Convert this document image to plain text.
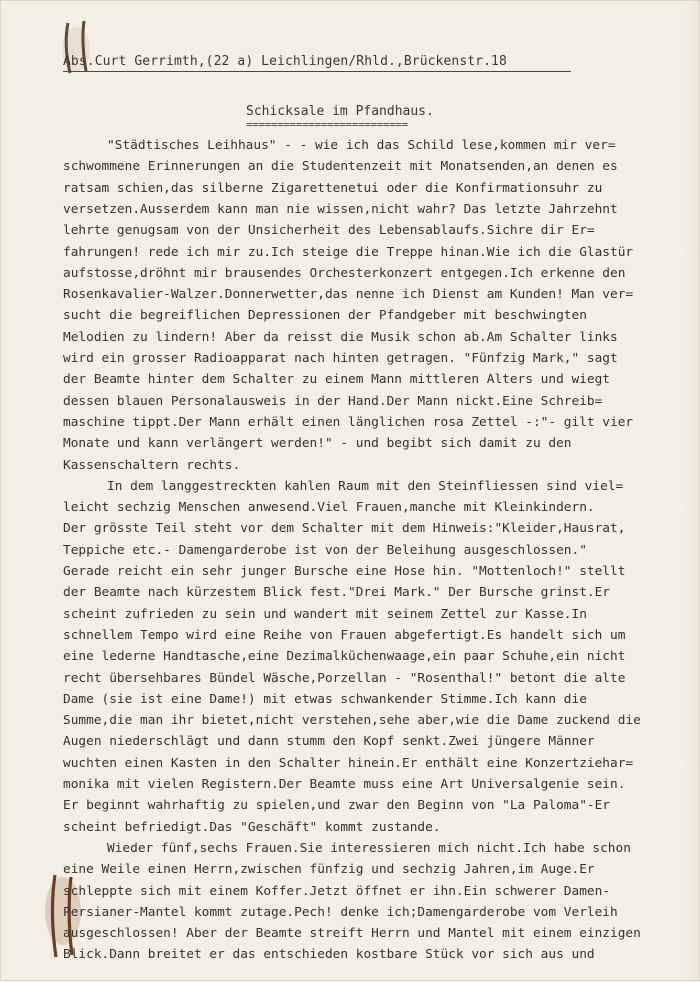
Abs.Curt Gerrimth,(22 a) Leichlingen/Rhld.,Brückenstr.18
Schicksale im Pfandhaus.
==========================
"Städtisches Leihhaus" - - wie ich das Schild lese,kommen mir ver=
schwommene Erinnerungen an die Studentenzeit mit Monatsenden,an denen es
ratsam schien,das silberne Zigarettenetui oder die Konfirmationsuhr zu
versetzen.Ausserdem kann man nie wissen,nicht wahr? Das letzte Jahrzehnt
lehrte genugsam von der Unsicherheit des Lebensablaufs.Sichre dir Er=
fahrungen! rede ich mir zu.Ich steige die Treppe hinan.Wie ich die Glastür
aufstosse,dröhnt mir brausendes Orchesterkonzert entgegen.Ich erkenne den
Rosenkavalier-Walzer.Donnerwetter,das nenne ich Dienst am Kunden! Man ver=
sucht die begreiflichen Depressionen der Pfandgeber mit beschwingten
Melodien zu lindern! Aber da reisst die Musik schon ab.Am Schalter links
wird ein grosser Radioapparat nach hinten getragen. "Fünfzig Mark," sagt
der Beamte hinter dem Schalter zu einem Mann mittleren Alters und wiegt
dessen blauen Personalausweis in der Hand.Der Mann nickt.Eine Schreib=
maschine tippt.Der Mann erhält einen länglichen rosa Zettel -:"- gilt vier
Monate und kann verlängert werden!" - und begibt sich damit zu den
Kassenschaltern rechts.
In dem langgestreckten kahlen Raum mit den Steinfliessen sind viel=
leicht sechzig Menschen anwesend.Viel Frauen,manche mit Kleinkindern.
Der grösste Teil steht vor dem Schalter mit dem Hinweis:"Kleider,Hausrat,
Teppiche etc.- Damengarderobe ist von der Beleihung ausgeschlossen."
Gerade reicht ein sehr junger Bursche eine Hose hin. "Mottenloch!" stellt
der Beamte nach kürzestem Blick fest."Drei Mark." Der Bursche grinst.Er
scheint zufrieden zu sein und wandert mit seinem Zettel zur Kasse.In
schnellem Tempo wird eine Reihe von Frauen abgefertigt.Es handelt sich um
eine lederne Handtasche,eine Dezimalküchenwaage,ein paar Schuhe,ein nicht
recht übersehbares Bündel Wäsche,Porzellan - "Rosenthal!" betont die alte
Dame (sie ist eine Dame!) mit etwas schwankender Stimme.Ich kann die
Summe,die man ihr bietet,nicht verstehen,sehe aber,wie die Dame zuckend die
Augen niederschlägt und dann stumm den Kopf senkt.Zwei jüngere Männer
wuchten einen Kasten in den Schalter hinein.Er enthält eine Konzertziehar=
monika mit vielen Registern.Der Beamte muss eine Art Universalgenie sein.
Er beginnt wahrhaftig zu spielen,und zwar den Beginn von "La Paloma"-Er
scheint befriedigt.Das "Geschäft" kommt zustande.
Wieder fünf,sechs Frauen.Sie interessieren mich nicht.Ich habe schon
eine Weile einen Herrn,zwischen fünfzig und sechzig Jahren,im Auge.Er
schleppte sich mit einem Koffer.Jetzt öffnet er ihn.Ein schwerer Damen-
Persianer-Mantel kommt zutage.Pech! denke ich;Damengarderobe vom Verleih
ausgeschlossen! Aber der Beamte streift Herrn und Mantel mit einem einzigen
Blick.Dann breitet er das entschieden kostbare Stück vor sich aus und
